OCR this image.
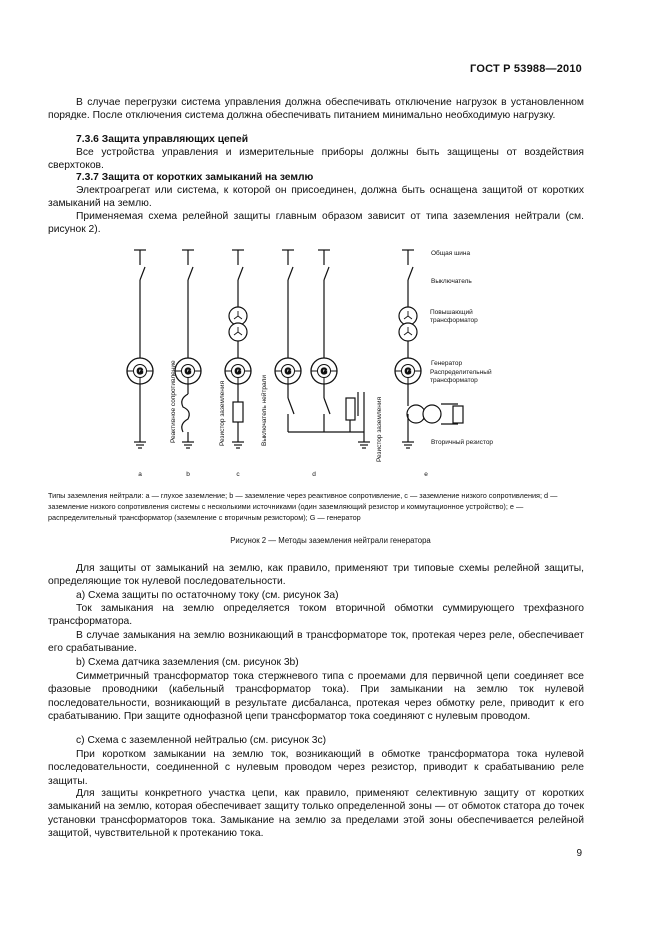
ГОСТ Р 53988—2010
В случае перегрузки система управления должна обеспечивать отключение нагрузок в установленном порядке. После отключения система должна обеспечивать питанием минимально необходимую нагрузку.
7.3.6 Защита управляющих цепей
Все устройства управления и измерительные приборы должны быть защищены от воздействия сверхтоков.
7.3.7 Защита от коротких замыканий на землю
Электроагрегат или система, к которой он присоединен, должна быть оснащена защитой от коротких замыканий на землю.
Применяемая схема релейной защиты главным образом зависит от типа заземления нейтрали (см. рисунок 2).
G
Реактивное сопротивление	Резистор заземления	Выключатель нейтрали	Резистор заземления
Общая шина
Выключатель
Повышающий трансформатор
Генератор
Распределительный трансформатор
Вторичный резистор
a	b	c	d	e
Типы заземления нейтрали: а — глухое заземление; b — заземление через реактивное сопротивление, с — заземление низкого сопротивления; d — заземление низкого сопротивления системы с несколькими источниками (один заземляющий резистор и коммутационное устройство); е — распределительный трансформатор (заземление с вторичным резистором); G — генератор
Рисунок 2 — Методы заземления нейтрали генератора
Для защиты от замыканий на землю, как правило, применяют три типовые схемы релейной защиты, определяющие ток нулевой последовательности.
а) Схема защиты по остаточному току (см. рисунок 3а)
Ток замыкания на землю определяется током вторичной обмотки суммирующего трехфазного трансформатора.
В случае замыкания на землю возникающий в трансформаторе ток, протекая через реле, обеспечивает его срабатывание.
b) Схема датчика заземления (см. рисунок 3b)
Симметричный трансформатор тока стержневого типа с проемами для первичной цепи соединяет все фазовые проводники (кабельный трансформатор тока). При замыкании на землю ток нулевой последовательности, возникающий в результате дисбаланса, протекая через обмотку реле, приводит к его срабатыванию. При защите однофазной цепи трансформатор тока соединяют с нулевым проводом.
с) Схема с заземленной нейтралью (см. рисунок 3с)
При коротком замыкании на землю ток, возникающий в обмотке трансформатора тока нулевой последовательности, соединенной с нулевым проводом через резистор, приводит к срабатыванию реле защиты.
Для защиты конкретного участка цепи, как правило, применяют селективную защиту от коротких замыканий на землю, которая обеспечивает защиту только определенной зоны — от обмоток статора до точек установки трансформаторов тока. Замыкание на землю за пределами этой зоны обеспечивается релейной защитой, чувствительной к протеканию тока.
9
